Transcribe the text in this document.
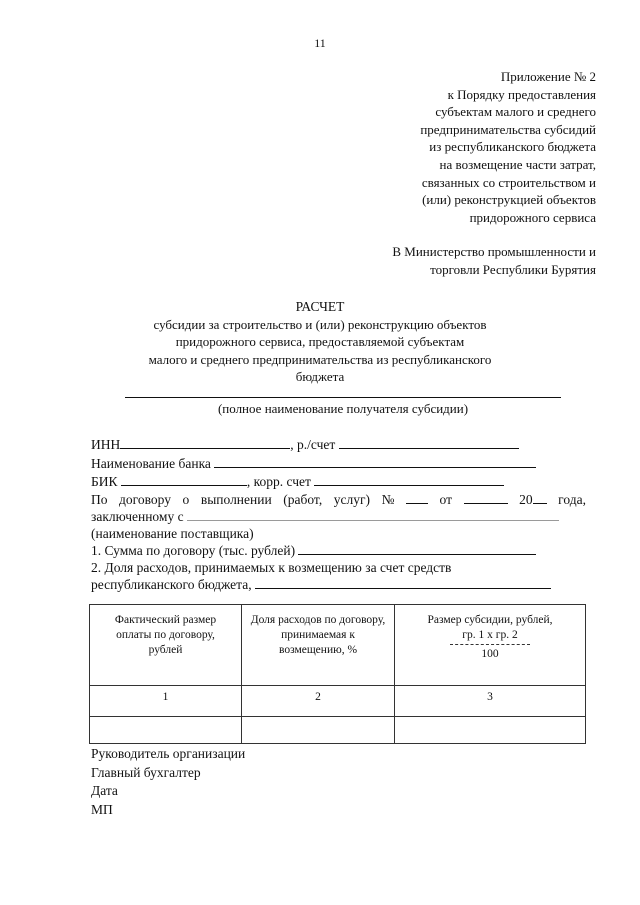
11
Приложение № 2
к Порядку предоставления
субъектам малого и среднего
предпринимательства субсидий
из республиканского бюджета
на возмещение части затрат,
связанных со строительством и
(или) реконструкцией объектов
придорожного сервиса
В Министерство промышленности и
торговли Республики Бурятия
РАСЧЕТ
субсидии за строительство и (или) реконструкцию объектов
придорожного сервиса, предоставляемой субъектам
малого и среднего предпринимательства из республиканского
бюджета
(полное наименование получателя субсидии)
ИНН	, р./счет
Наименование банка
БИК	, корр. счет
По договору о выполнении (работ, услуг) №	от	20	года,
заключенному с
(наименование поставщика)
1. Сумма по договору (тыс. рублей)
2. Доля расходов, принимаемых к возмещению за счет средств
республиканского бюджета,
Фактический размер оплаты по договору, рублей	Доля расходов по договору, принимаемая к возмещению, %	Размер субсидии, рублей, гр. 1 х гр. 2
100

1	2	3

Руководитель организации
Главный бухгалтер
Дата
МП
